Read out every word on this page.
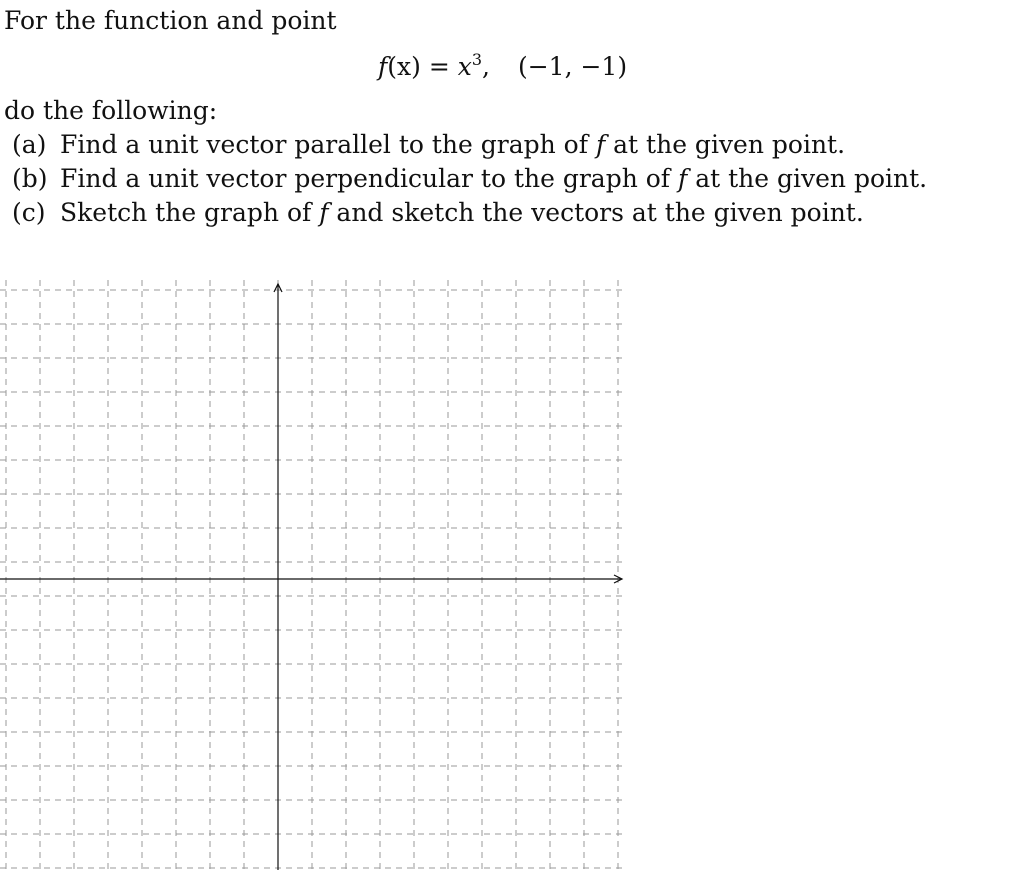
For the function and point
$f(x) = x^3$, (−1, −1)
do the following:
(a) Find a unit vector parallel to the graph of f at the given point.
(b) Find a unit vector perpendicular to the graph of f at the given point.
(c) Sketch the graph of f and sketch the vectors at the given point.
